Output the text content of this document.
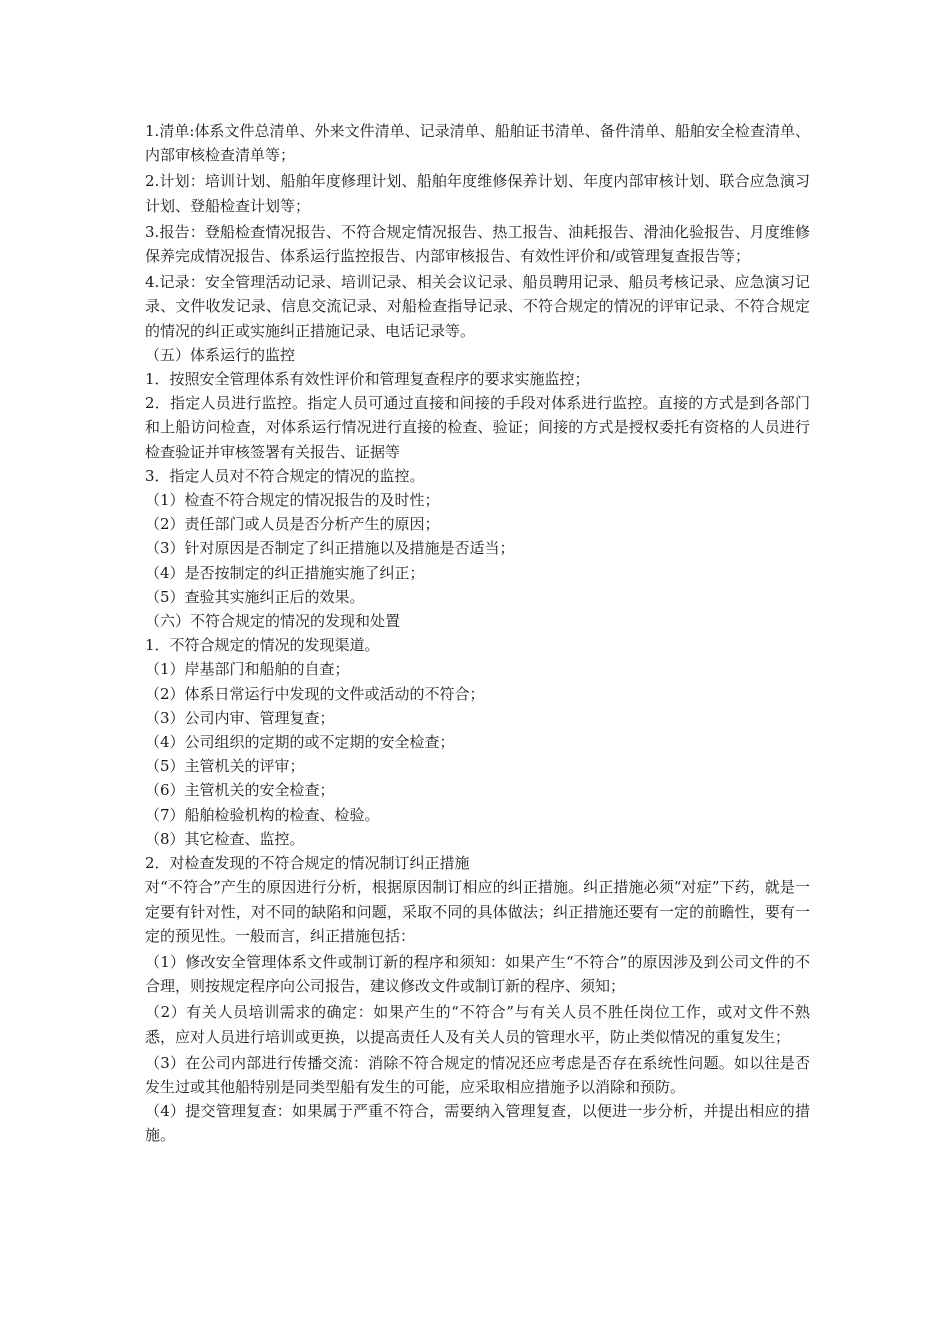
1.清单:体系文件总清单、外来文件清单、记录清单、船舶证书清单、备件清单、船舶安全检查清单、内部审核检查清单等；

2.计划：培训计划、船舶年度修理计划、船舶年度维修保养计划、年度内部审核计划、联合应急演习计划、登船检查计划等；

3.报告：登船检查情况报告、不符合规定情况报告、热工报告、油耗报告、滑油化验报告、月度维修保养完成情况报告、体系运行监控报告、内部审核报告、有效性评价和/或管理复查报告等；

4.记录：安全管理活动记录、培训记录、相关会议记录、船员聘用记录、船员考核记录、应急演习记录、文件收发记录、信息交流记录、对船检查指导记录、不符合规定的情况的评审记录、不符合规定的情况的纠正或实施纠正措施记录、电话记录等。

（五）体系运行的监控

1．按照安全管理体系有效性评价和管理复查程序的要求实施监控；

2．指定人员进行监控。指定人员可通过直接和间接的手段对体系进行监控。直接的方式是到各部门和上船访问检查，对体系运行情况进行直接的检查、验证；间接的方式是授权委托有资格的人员进行检查验证并审核签署有关报告、证据等

3．指定人员对不符合规定的情况的监控。

（1）检查不符合规定的情况报告的及时性；

（2）责任部门或人员是否分析产生的原因；

（3）针对原因是否制定了纠正措施以及措施是否适当；

（4）是否按制定的纠正措施实施了纠正；

（5）查验其实施纠正后的效果。

（六）不符合规定的情况的发现和处置

1．不符合规定的情况的发现渠道。

（1）岸基部门和船舶的自查；

（2）体系日常运行中发现的文件或活动的不符合；

（3）公司内审、管理复查；

（4）公司组织的定期的或不定期的安全检查；

（5）主管机关的评审；

（6）主管机关的安全检查；

（7）船舶检验机构的检查、检验。

（8）其它检查、监控。

2．对检查发现的不符合规定的情况制订纠正措施

对“不符合”产生的原因进行分析，根据原因制订相应的纠正措施。纠正措施必须“对症”下药，就是一定要有针对性，对不同的缺陷和问题，采取不同的具体做法；纠正措施还要有一定的前瞻性，要有一定的预见性。一般而言，纠正措施包括：

（1）修改安全管理体系文件或制订新的程序和须知：如果产生“不符合”的原因涉及到公司文件的不合理，则按规定程序向公司报告，建议修改文件或制订新的程序、须知；

（2）有关人员培训需求的确定：如果产生的“不符合”与有关人员不胜任岗位工作，或对文件不熟悉，应对人员进行培训或更换，以提高责任人及有关人员的管理水平，防止类似情况的重复发生；

（3）在公司内部进行传播交流：消除不符合规定的情况还应考虑是否存在系统性问题。如以往是否发生过或其他船特别是同类型船有发生的可能，应采取相应措施予以消除和预防。

（4）提交管理复查：如果属于严重不符合，需要纳入管理复查，以便进一步分析，并提出相应的措施。
